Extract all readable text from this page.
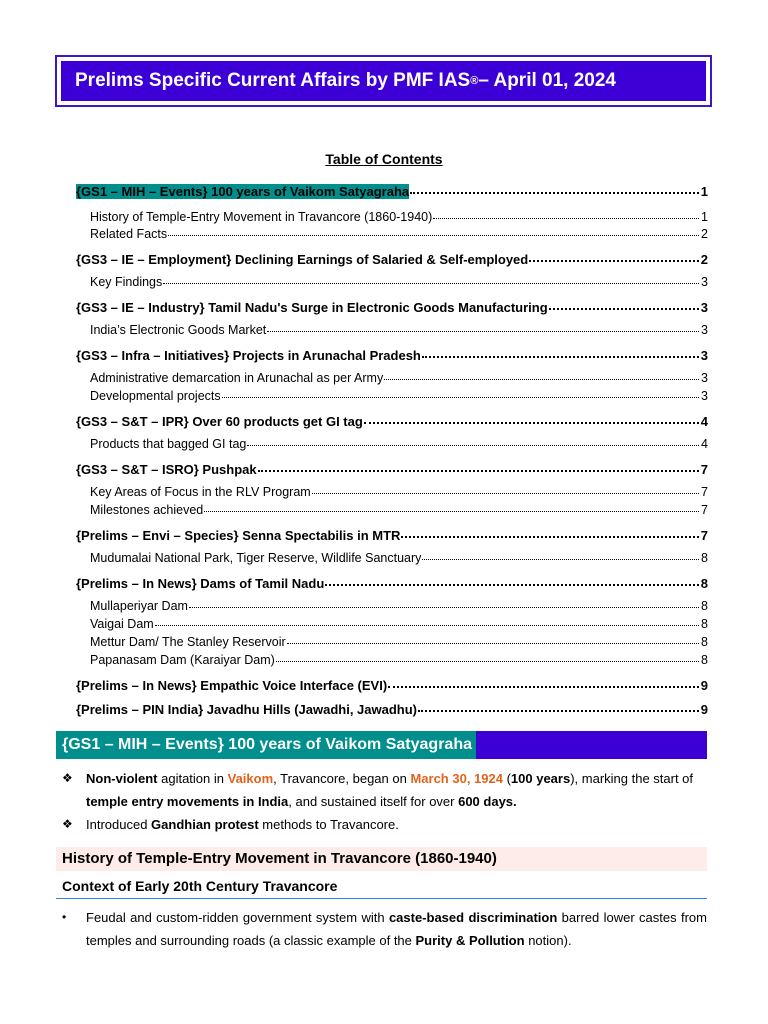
Prelims Specific Current Affairs by PMF IAS ® – April 01, 2024
Table of Contents
{GS1 – MIH – Events} 100 years of Vaikom Satyagraha	1
History of Temple-Entry Movement in Travancore (1860-1940)	1
Related Facts	2
{GS3 – IE – Employment} Declining Earnings of Salaried & Self-employed	2
Key Findings	3
{GS3 – IE – Industry} Tamil Nadu's Surge in Electronic Goods Manufacturing	3
India’s Electronic Goods Market	3
{GS3 – Infra – Initiatives} Projects in Arunachal Pradesh	3
Administrative demarcation in Arunachal as per Army	3
Developmental projects	3
{GS3 – S&T – IPR} Over 60 products get GI tag	4
Products that bagged GI tag	4
{GS3 – S&T – ISRO} Pushpak	7
Key Areas of Focus in the RLV Program	7
Milestones achieved	7
{Prelims – Envi – Species} Senna Spectabilis in MTR	7
Mudumalai National Park, Tiger Reserve, Wildlife Sanctuary	8
{Prelims – In News} Dams of Tamil Nadu	8
Mullaperiyar Dam	8
Vaigai Dam	8
Mettur Dam/ The Stanley Reservoir	8
Papanasam Dam (Karaiyar Dam)	8
{Prelims – In News} Empathic Voice Interface (EVI)	9
{Prelims – PIN India} Javadhu Hills (Jawadhi, Jawadhu)	9
{GS1 – MIH – Events} 100 years of Vaikom Satyagraha
❖ Non-violent agitation in Vaikom, Travancore, began on March 30, 1924 (100 years), marking the start of temple entry movements in India, and sustained itself for over 600 days.
❖ Introduced Gandhian protest methods to Travancore.
History of Temple-Entry Movement in Travancore (1860-1940)
Context of Early 20th Century Travancore
• Feudal and custom-ridden government system with caste-based discrimination barred lower castes from temples and surrounding roads (a classic example of the Purity & Pollution notion).
